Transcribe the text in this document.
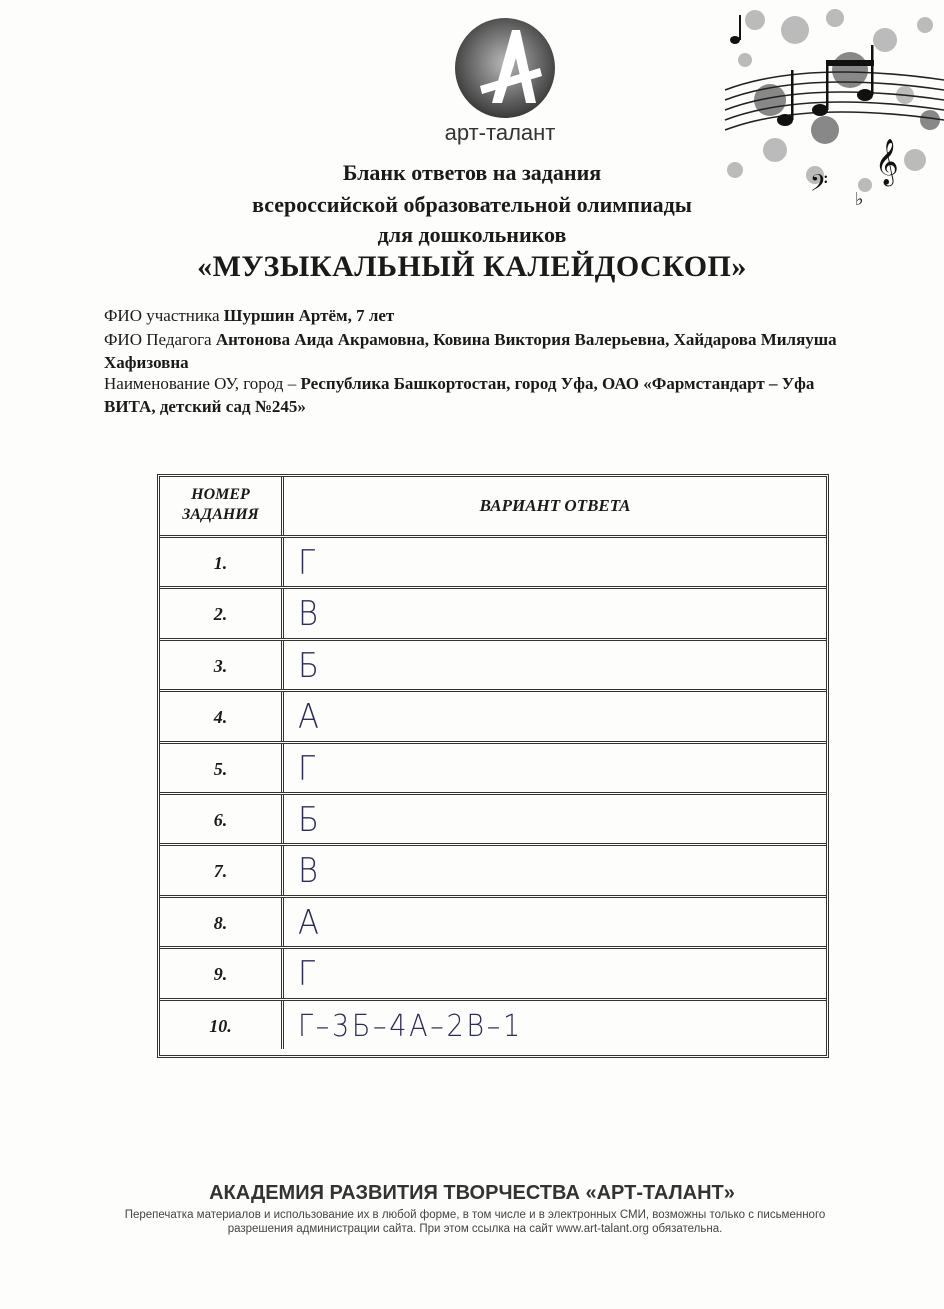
арт-талант
𝄞
𝄢 ♭
Бланк ответов на задания
всероссийской образовательной олимпиады
для дошкольников
«МУЗЫКАЛЬНЫЙ КАЛЕЙДОСКОП»
ФИО участника Шуршин Артём, 7 лет
ФИО Педагога Антонова Аида Акрамовна, Ковина Виктория Валерьевна, Хайдарова Миляуша Хафизовна
Наименование ОУ, город – Республика Башкортостан, город Уфа, ОАО «Фармстандарт – Уфа ВИТА, детский сад №245»
НОМЕР ЗАДАНИЯ	ВАРИАНТ ОТВЕТА
1.	Г
2.	В
3.	Б
4.	А
5.	Г
6.	Б
7.	В
8.	А
9.	Г
10.	Г–3Б–4А–2В–1
АКАДЕМИЯ РАЗВИТИЯ ТВОРЧЕСТВА «АРТ-ТАЛАНТ»
Перепечатка материалов и использование их в любой форме, в том числе и в электронных СМИ, возможны только с письменного разрешения администрации сайта. При этом ссылка на сайт www.art-talant.org обязательна.
